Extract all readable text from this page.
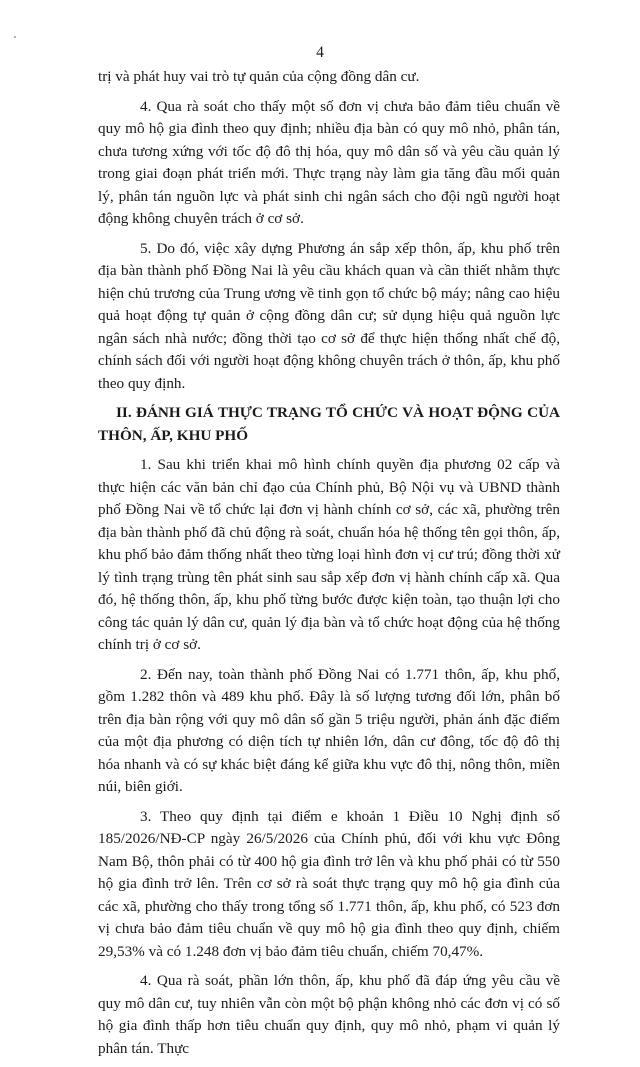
4

trị và phát huy vai trò tự quản của cộng đồng dân cư.

4. Qua rà soát cho thấy một số đơn vị chưa bảo đảm tiêu chuẩn về quy mô hộ gia đình theo quy định; nhiều địa bàn có quy mô nhỏ, phân tán, chưa tương xứng với tốc độ đô thị hóa, quy mô dân số và yêu cầu quản lý trong giai đoạn phát triển mới. Thực trạng này làm gia tăng đầu mối quản lý, phân tán nguồn lực và phát sinh chi ngân sách cho đội ngũ người hoạt động không chuyên trách ở cơ sở.

5. Do đó, việc xây dựng Phương án sắp xếp thôn, ấp, khu phố trên địa bàn thành phố Đồng Nai là yêu cầu khách quan và cần thiết nhằm thực hiện chủ trương của Trung ương về tinh gọn tổ chức bộ máy; nâng cao hiệu quả hoạt động tự quản ở cộng đồng dân cư; sử dụng hiệu quả nguồn lực ngân sách nhà nước; đồng thời tạo cơ sở để thực hiện thống nhất chế độ, chính sách đối với người hoạt động không chuyên trách ở thôn, ấp, khu phố theo quy định.

II. ĐÁNH GIÁ THỰC TRẠNG TỔ CHỨC VÀ HOẠT ĐỘNG CỦA THÔN, ẤP, KHU PHỐ

1. Sau khi triển khai mô hình chính quyền địa phương 02 cấp và thực hiện các văn bản chỉ đạo của Chính phủ, Bộ Nội vụ và UBND thành phố Đồng Nai về tổ chức lại đơn vị hành chính cơ sở, các xã, phường trên địa bàn thành phố đã chủ động rà soát, chuẩn hóa hệ thống tên gọi thôn, ấp, khu phố bảo đảm thống nhất theo từng loại hình đơn vị cư trú; đồng thời xử lý tình trạng trùng tên phát sinh sau sắp xếp đơn vị hành chính cấp xã. Qua đó, hệ thống thôn, ấp, khu phố từng bước được kiện toàn, tạo thuận lợi cho công tác quản lý dân cư, quản lý địa bàn và tổ chức hoạt động của hệ thống chính trị ở cơ sở.

2. Đến nay, toàn thành phố Đồng Nai có 1.771 thôn, ấp, khu phố, gồm 1.282 thôn và 489 khu phố. Đây là số lượng tương đối lớn, phân bố trên địa bàn rộng với quy mô dân số gần 5 triệu người, phản ánh đặc điểm của một địa phương có diện tích tự nhiên lớn, dân cư đông, tốc độ đô thị hóa nhanh và có sự khác biệt đáng kể giữa khu vực đô thị, nông thôn, miền núi, biên giới.

3. Theo quy định tại điểm e khoản 1 Điều 10 Nghị định số 185/2026/NĐ-CP ngày 26/5/2026 của Chính phủ, đối với khu vực Đông Nam Bộ, thôn phải có từ 400 hộ gia đình trở lên và khu phố phải có từ 550 hộ gia đình trở lên. Trên cơ sở rà soát thực trạng quy mô hộ gia đình của các xã, phường cho thấy trong tổng số 1.771 thôn, ấp, khu phố, có 523 đơn vị chưa bảo đảm tiêu chuẩn về quy mô hộ gia đình theo quy định, chiếm 29,53% và có 1.248 đơn vị bảo đảm tiêu chuẩn, chiếm 70,47%.

4. Qua rà soát, phần lớn thôn, ấp, khu phố đã đáp ứng yêu cầu về quy mô dân cư, tuy nhiên vẫn còn một bộ phận không nhỏ các đơn vị có số hộ gia đình thấp hơn tiêu chuẩn quy định, quy mô nhỏ, phạm vi quản lý phân tán. Thực
